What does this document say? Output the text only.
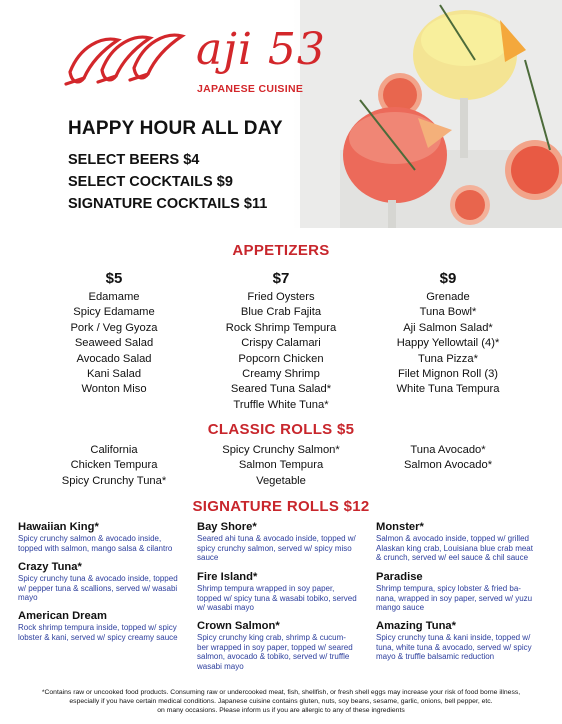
aji 53
JAPANESE CUISINE
HAPPY HOUR ALL DAY
SELECT BEERS $4
SELECT COCKTAILS $9
SIGNATURE COCKTAILS $11
APPETIZERS
$5
Edamame
Spicy Edamame
Pork / Veg Gyoza
Seaweed Salad
Avocado Salad
Kani Salad
Wonton Miso
$7
Fried Oysters
Blue Crab Fajita
Rock Shrimp Tempura
Crispy Calamari
Popcorn Chicken
Creamy Shrimp
Seared Tuna Salad*
Truffle White Tuna*
$9
Grenade
Tuna Bowl*
Aji Salmon Salad*
Happy Yellowtail (4)*
Tuna Pizza*
Filet Mignon Roll (3)
White Tuna Tempura
CLASSIC ROLLS $5
California
Chicken Tempura
Spicy Crunchy Tuna*
Spicy Crunchy Salmon*
Salmon Tempura
Vegetable
Tuna Avocado*
Salmon Avocado*
SIGNATURE ROLLS $12
Hawaiian King*
Spicy crunchy salmon & avocado inside,
topped with salmon, mango salsa & cilantro
Crazy Tuna*
Spicy crunchy tuna & avocado inside, topped
w/ pepper tuna & scallions, served w/ wasabi
mayo
American Dream
Rock shrimp tempura inside, topped w/ spicy
lobster & kani, served w/ spicy creamy sauce
Bay Shore*
Seared ahi tuna & avocado inside, topped w/
spicy crunchy salmon, served w/ spicy miso
sauce
Fire Island*
Shrimp tempura wrapped in soy paper,
topped w/ spicy tuna & wasabi tobiko, served
w/ wasabi mayo
Crown Salmon*
Spicy crunchy king crab, shrimp & cucum-
ber wrapped in soy paper, topped w/ seared
salmon, avocado & tobiko, served w/ truffle
wasabi mayo
Monster*
Salmon & avocado inside, topped w/ grilled
Alaskan king crab, Louisiana blue crab meat
& crunch, served w/ eel sauce & chil sauce
Paradise
Shrimp tempura, spicy lobster & fried ba-
nana, wrapped in soy paper, served w/ yuzu
mango sauce
Amazing Tuna*
Spicy crunchy tuna & kani inside, topped w/
tuna, white tuna & avocado, served w/ spicy
mayo & truffle balsamic reduction
*Contains raw or uncooked food products. Consuming raw or undercooked meat, fish, shellfish, or fresh shell eggs may increase your risk of food borne illness,
especially if you have certain medical conditions. Japanese cuisine contains gluten, nuts, soy beans, sesame, garlic, onions, bell pepper, etc.
on many occasions. Please inform us if you are allergic to any of these ingredients
